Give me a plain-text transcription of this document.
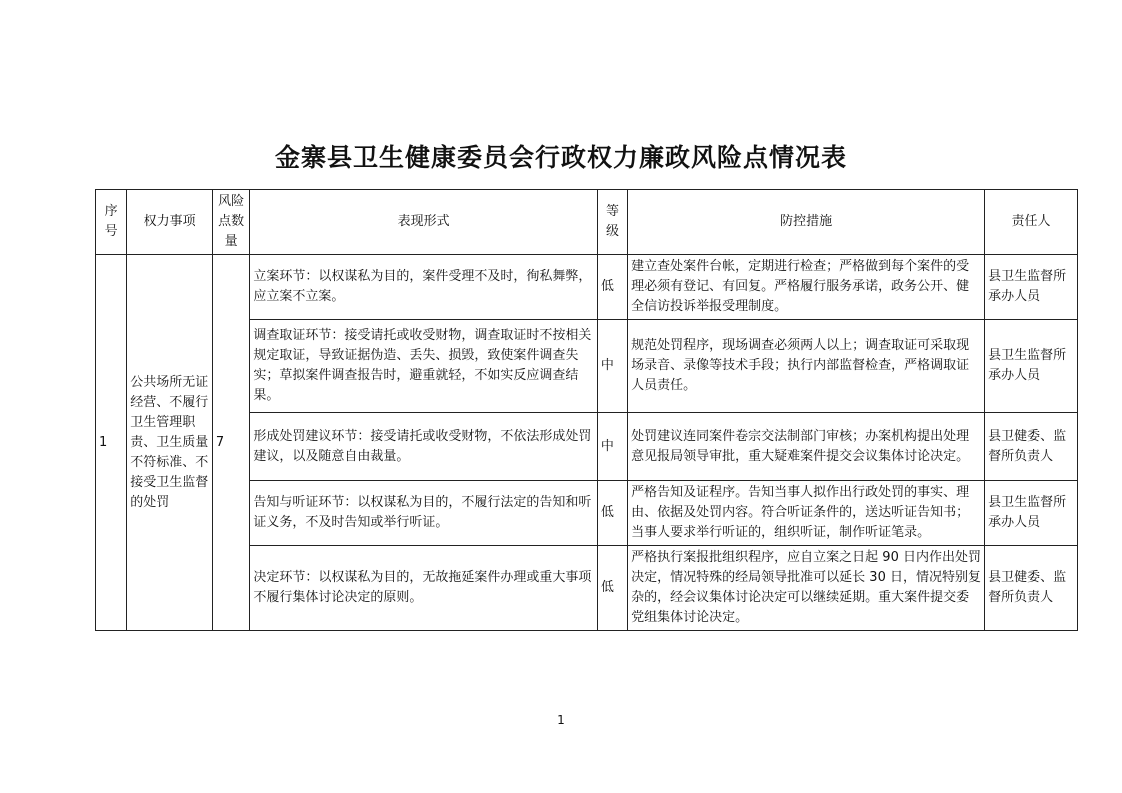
金寨县卫生健康委员会行政权力廉政风险点情况表
序号	权力事项	风险点数量	表现形式	等级	防控措施	责任人
1	公共场所无证经营、不履行卫生管理职责、卫生质量不符标准、不接受卫生监督的处罚	7	立案环节：以权谋私为目的，案件受理不及时，徇私舞弊，应立案不立案。	低	建立查处案件台帐，定期进行检查；严格做到每个案件的受理必须有登记、有回复。严格履行服务承诺，政务公开、健全信访投诉举报受理制度。	县卫生监督所承办人员
			调查取证环节：接受请托或收受财物，调查取证时不按相关规定取证，导致证据伪造、丢失、损毁，致使案件调查失实；草拟案件调查报告时，避重就轻，不如实反应调查结果。	中	规范处罚程序，现场调查必须两人以上；调查取证可采取现场录音、录像等技术手段；执行内部监督检查，严格调取证人员责任。	县卫生监督所承办人员
			形成处罚建议环节：接受请托或收受财物，不依法形成处罚建议，以及随意自由裁量。	中	处罚建议连同案件卷宗交法制部门审核；办案机构提出处理意见报局领导审批，重大疑难案件提交会议集体讨论决定。	县卫健委、监督所负责人
			告知与听证环节：以权谋私为目的，不履行法定的告知和听证义务，不及时告知或举行听证。	低	严格告知及证程序。告知当事人拟作出行政处罚的事实、理由、依据及处罚内容。符合听证条件的，送达听证告知书；当事人要求举行听证的，组织听证，制作听证笔录。	县卫生监督所承办人员
			决定环节：以权谋私为目的，无故拖延案件办理或重大事项不履行集体讨论决定的原则。	低	严格执行案报批组织程序，应自立案之日起 90 日内作出处罚决定，情况特殊的经局领导批准可以延长 30 日，情况特别复杂的，经会议集体讨论决定可以继续延期。重大案件提交委党组集体讨论决定。	县卫健委、监督所负责人
1
